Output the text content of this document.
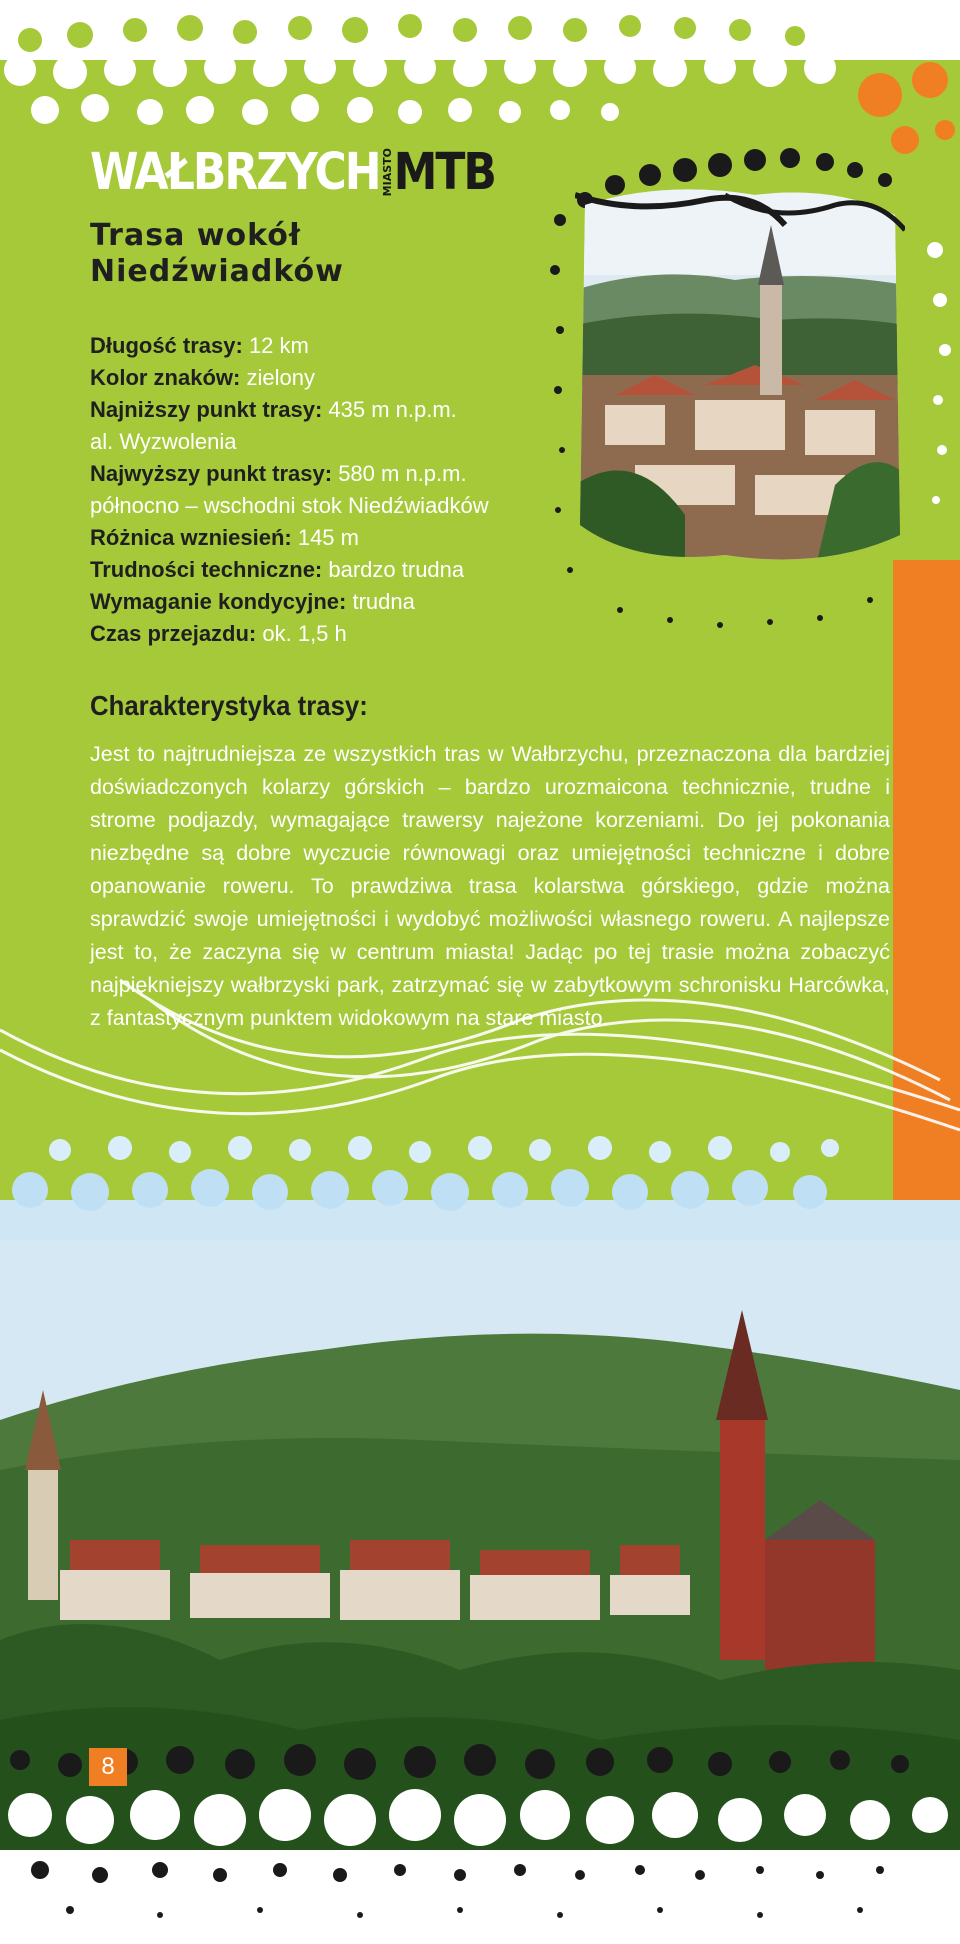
WAŁBRZYCH MIASTO MTB
Trasa wokół Niedźwiadków
Długość trasy: 12 km
Kolor znaków: zielony
Najniższy punkt trasy: 435 m n.p.m.
al. Wyzwolenia
Najwyższy punkt trasy: 580 m n.p.m.
północno – wschodni stok Niedźwiadków
Różnica wzniesień: 145 m
Trudności techniczne: bardzo trudna
Wymaganie kondycyjne: trudna
Czas przejazdu: ok. 1,5 h
Charakterystyka trasy:

Jest to najtrudniejsza ze wszystkich tras w Wałbrzychu, przeznaczona dla bardziej doświadczonych kolarzy górskich – bardzo urozmaicona technicznie, trudne i strome podjazdy, wymagające trawersy najeżone korzeniami. Do jej pokonania niezbędne są dobre wyczucie równowagi oraz umiejętności techniczne i dobre opanowanie roweru. To prawdziwa trasa kolarstwa górskiego, gdzie można sprawdzić swoje umiejętności i wydobyć możliwości własnego roweru. A najlepsze jest to, że zaczyna się w centrum miasta! Jadąc po tej trasie można zobaczyć najpiękniejszy wałbrzyski park, zatrzymać się w zabytkowym schronisku Harcówka, z fantastycznym punktem widokowym na stare miasto.

8
